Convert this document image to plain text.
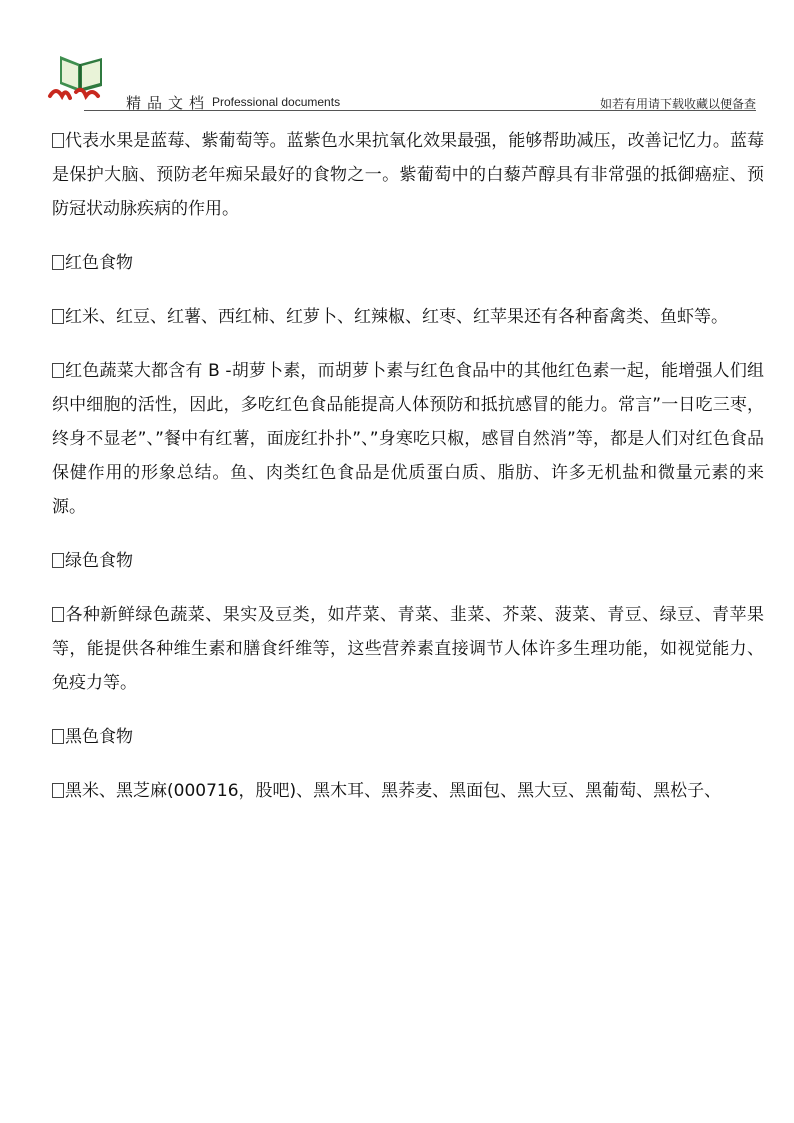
精品文档 Professional documents	如若有用请下载收藏以便备查

代表水果是蓝莓、紫葡萄等。蓝紫色水果抗氧化效果最强，能够帮助减压，改善记忆力。蓝莓是保护大脑、预防老年痴呆最好的食物之一。紫葡萄中的白藜芦醇具有非常强的抵御癌症、预防冠状动脉疾病的作用。

红色食物

红米、红豆、红薯、西红柿、红萝卜、红辣椒、红枣、红苹果还有各种畜禽类、鱼虾等。

红色蔬菜大都含有 B -胡萝卜素，而胡萝卜素与红色食品中的其他红色素一起，能增强人们组织中细胞的活性，因此，多吃红色食品能提高人体预防和抵抗感冒的能力。常言”一日吃三枣，终身不显老”、”餐中有红薯，面庞红扑扑”、”身寒吃只椒，感冒自然消”等，都是人们对红色食品保健作用的形象总结。鱼、肉类红色食品是优质蛋白质、脂肪、许多无机盐和微量元素的来源。

绿色食物

各种新鲜绿色蔬菜、果实及豆类，如芹菜、青菜、韭菜、芥菜、菠菜、青豆、绿豆、青苹果等，能提供各种维生素和膳食纤维等，这些营养素直接调节人体许多生理功能，如视觉能力、免疫力等。

黑色食物

黑米、黑芝麻(000716，股吧)、黑木耳、黑荞麦、黑面包、黑大豆、黑葡萄、黑松子、
